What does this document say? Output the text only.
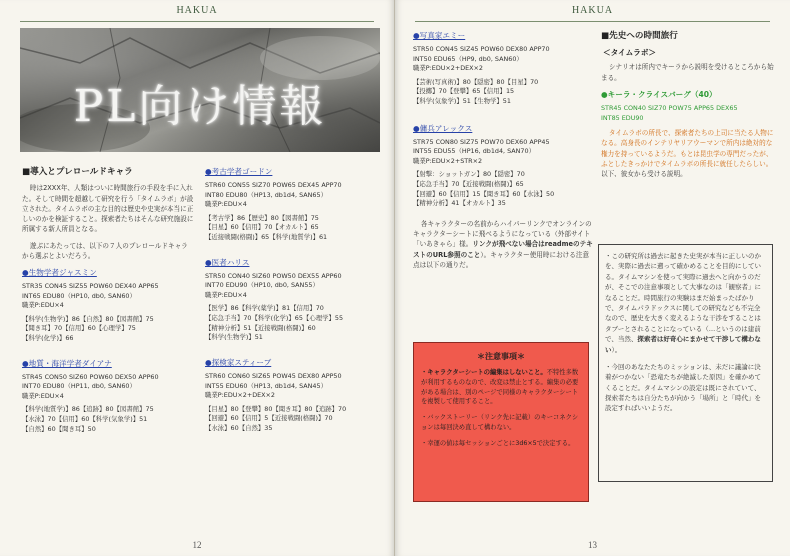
HAKUA
PL向け情報
■導入とプレロールドキャラ
時は2XXX年、人類はついに時間旅行の手段を手に入れた。そして時間を超越して研究を行う「タイムラボ」が設立された。タイムラボの主な目的は歴史や史実が本当に正しいのかを検証すること。探索者たちはそんな研究施設に所属する新人所員となる。
遊ぶにあたっては、以下の７人のプレロールドキャラから選ぶとよいだろう。
●生物学者ジャスミン
STR35 CON45 SIZ55 POW60 DEX40 APP65
INT65 EDU80（HP10, db0, SAN60）
職業P:EDU×4
【科学(生物学)】86【自然】80【図書館】75
【聞き耳】70【信用】60【心理学】75
【科学(化学)】66
●地質・海洋学者ダイアナ
STR45 CON50 SIZ60 POW60 DEX50 APP60
INT70 EDU80（HP11, db0, SAN60）
職業P:EDU×4
【科学(地質学)】86【追跡】80【図書館】75
【水泳】70【信用】60【科学(気象学)】51
【自然】60【聞き耳】50
●考古学者ゴードン
STR60 CON55 SIZ70 POW65 DEX45 APP70
INT80 EDU80（HP13, db1d4, SAN65）
職業P:EDU×4
【考古学】86【歴史】80【図書館】75
【目星】60【信用】70【オカルト】65
【近接戦闘(格闘)】65【科学(地質学)】61
●医者ハリス
STR50 CON40 SIZ60 POW50 DEX55 APP60
INT70 EDU90（HP10, db0, SAN55）
職業P:EDU×4
【医学】86【科学(薬学)】81【信用】70
【応急手当】70【科学(化学)】65【心理学】55
【精神分析】51【近接戦闘(格闘)】60
【科学(生物学)】51
●探検家スティーブ
STR60 CON60 SIZ65 POW45 DEX80 APP50
INT55 EDU60（HP13, db1d4, SAN45）
職業P:EDU×2+DEX×2
【目星】80【登攀】80【聞き耳】80【追跡】70
【回避】60【信用】5【近接戦闘(格闘)】70
【水泳】60【自然】35
12
HAKUA
●写真家エミー
STR50 CON45 SIZ45 POW60 DEX80 APP70
INT50 EDU65（HP9, db0, SAN60）
職業P:EDU×2+DEX×2
【芸術(写真術)】80【隠密】80【目星】70
【投擲】70【登攀】65【信用】15
【科学(気象学)】51【生物学】51
●傭兵アレックス
STR75 CON80 SIZ75 POW70 DEX60 APP45
INT55 EDU55（HP16, db1d4, SAN70）
職業P:EDU×2+STR×2
【射撃：ショットガン】80【隠密】70
【応急手当】70【近接戦闘(格闘)】65
【回避】60【信用】15【聞き耳】60【水泳】50
【精神分析】41【オカルト】35
各キャラクターの名前からハイパーリンクでオンラインのキャラクターシートに飛べるようになっている（外部サイト「いあきゃら」様。リンクが飛べない場合はreadmeのテキストのURL参照のこと）。キャラクター使用時における注意点は以下の通りだ。
■先史への時間旅行
＜タイムラボ＞
シナリオは所内でキーラから説明を受けるところから始まる。
●キーラ・クライスバーグ（40）
STR45 CON40 SIZ70 POW75 APP65 DEX65
INT85 EDU90
タイムラボの所長で、探索者たちの上司に当たる人物になる。高身長のインテリヤリアウーマンで所内は絶対的な権力を持っているようだ。もとは昆虫学の専門だったが、ふとしたきっかけでタイムラボの所長に就任したらしい。以下、彼女から受ける説明。
13
＊注意事項＊

・キャラクターシートの編集はしないこと。不特性多数が利用するものなので、改変は禁止とする。編集の必要がある場合は、別のページで同様のキャラクターシートを複製して使用すること。

・バックストーリー（リンク先に記載）のキーコネクションは毎回決め直して構わない。

・幸運の値は毎セッションごとに3d6×5で決定する。

・この研究所は過去に起きた史実が本当に正しいのかを、実際に過去に遡って確かめることを目的にしている。タイムマシンを使って実際に過去へと向かうのだが、そこでの注意事項として大事なのは「観察者」になることだ。時間旅行の実験はまだ始まったばかりで、タイムパラドックスに関しての研究なども不完全なので、歴史を大きく変えるような干渉をすることはタブーとされることになっている（…というのは建前で、当然、探索者は好奇心にまかせて干渉して構わない）。

・今回のあなたたちのミッションは、未だに議論に決着がつかない「恐竜たちが絶滅した原因」を確かめてくることだ。タイムマシンの設定は既にされていて、探索者たちは自分たちが向かう「場所」と「時代」を設定すればいいようだ。
